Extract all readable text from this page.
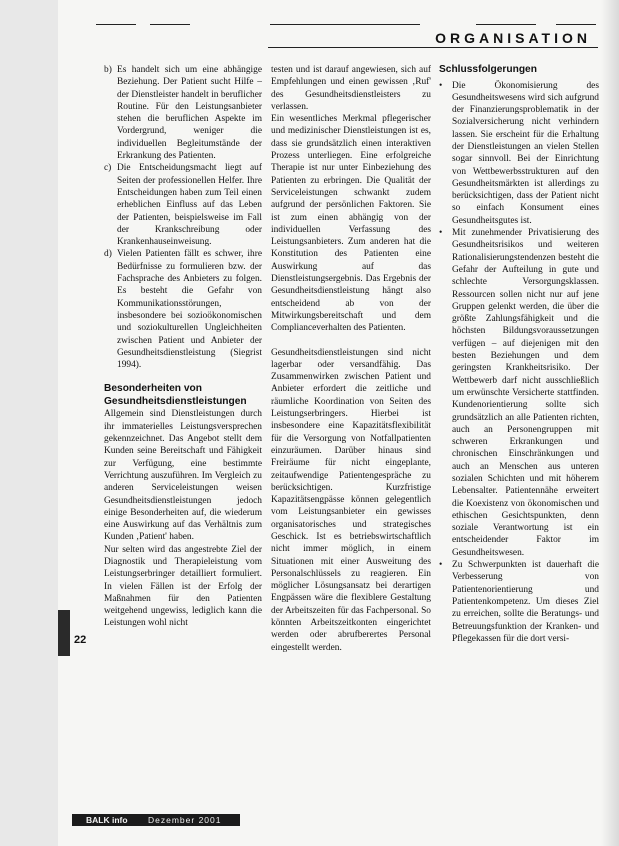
ORGANISATION
b) Es handelt sich um eine abhängige Beziehung. Der Patient sucht Hilfe – der Dienstleister handelt in beruflicher Routine. Für den Leistungsanbieter stehen die beruflichen Aspekte im Vordergrund, weniger die individuellen Begleitumstände der Erkrankung des Patienten.
c) Die Entscheidungsmacht liegt auf Seiten der professionellen Helfer. Ihre Entscheidungen haben zum Teil einen erheblichen Einfluss auf das Leben der Patienten, beispielsweise im Fall der Krankschreibung oder Krankenhauseinweisung.
d) Vielen Patienten fällt es schwer, ihre Bedürfnisse zu formulieren bzw. der Fachsprache des Anbieters zu folgen. Es besteht die Gefahr von Kommunikationsstörungen, insbesondere bei sozioökonomischen und soziokulturellen Ungleichheiten zwischen Patient und Anbieter der Gesundheitsdienstleistung (Siegrist 1994).
Besonderheiten von Gesundheitsdienstleistungen

Allgemein sind Dienstleistungen durch ihr immaterielles Leistungsversprechen gekennzeichnet. Das Angebot stellt dem Kunden seine Bereitschaft und Fähigkeit zur Verfügung, eine bestimmte Verrichtung auszuführen. Im Vergleich zu anderen Serviceleistungen weisen Gesundheitsdienstleistungen jedoch einige Besonderheiten auf, die wiederum eine Auswirkung auf das Verhältnis zum Kunden ‚Patient' haben.

Nur selten wird das angestrebte Ziel der Diagnostik und Therapieleistung vom Leistungserbringer detailliert formuliert. In vielen Fällen ist der Erfolg der Maßnahmen für den Patienten weitgehend ungewiss, lediglich kann die Leistungen wohl nicht

testen und ist darauf angewiesen, sich auf Empfehlungen und einen gewissen ‚Ruf' des Gesundheitsdienstleisters zu verlassen.

Ein wesentliches Merkmal pflegerischer und medizinischer Dienstleistungen ist es, dass sie grundsätzlich einen interaktiven Prozess unterliegen. Eine erfolgreiche Therapie ist nur unter Einbeziehung des Patienten zu erbringen. Die Qualität der Serviceleistungen schwankt zudem aufgrund der persönlichen Faktoren. Sie ist zum einen abhängig von der individuellen Verfassung des Leistungsanbieters. Zum anderen hat die Konstitution des Patienten eine Auswirkung auf das Dienstleistungsergebnis. Das Ergebnis der Gesundheitsdienstleistung hängt also entscheidend ab von der Mitwirkungsbereitschaft und dem Complianceverhalten des Patienten.

Gesundheitsdienstleistungen sind nicht lagerbar oder versandfähig. Das Zusammenwirken zwischen Patient und Anbieter erfordert die zeitliche und räumliche Koordination von Seiten des Leistungserbringers. Hierbei ist insbesondere eine Kapazitätsflexibilität für die Versorgung von Notfallpatienten einzuräumen. Darüber hinaus sind Freiräume für nicht eingeplante, zeitaufwendige Patientengespräche zu berücksichtigen. Kurzfristige Kapazitätsengpässe können gelegentlich vom Leistungsanbieter ein gewisses organisatorisches und strategisches Geschick. Ist es betriebswirtschaftlich nicht immer möglich, in einem Situationen mit einer Ausweitung des Personalschlüssels zu reagieren. Ein möglicher Lösungsansatz bei derartigen Engpässen wäre die flexiblere Gestaltung der Arbeitszeiten für das Fachpersonal. So könnten Arbeitszeitkonten eingerichtet werden oder abrufberertes Personal eingestellt werden.

Schlussfolgerungen
• Die Ökonomisierung des Gesundheitswesens wird sich aufgrund der Finanzierungsproblematik in der Sozialversicherung nicht verhindern lassen. Sie erscheint für die Erhaltung der Dienstleistungen an vielen Stellen sogar sinnvoll. Bei der Einrichtung von Wettbewerbsstrukturen auf den Gesundheitsmärkten ist allerdings zu berücksichtigen, dass der Patient nicht so einfach Konsument eines Gesundheitsgutes ist.
• Mit zunehmender Privatisierung des Gesundheitsrisikos und weiteren Rationalisierungstendenzen besteht die Gefahr der Aufteilung in gute und schlechte Versorgungsklassen. Ressourcen sollen nicht nur auf jene Gruppen gelenkt werden, die über die größte Zahlungsfähigkeit und die höchsten Bildungsvoraussetzungen verfügen – auf diejenigen mit den besten Beziehungen und dem geringsten Krankheitsrisiko. Der Wettbewerb darf nicht ausschließlich um erwünschte Versicherte stattfinden. Kundenorientierung sollte sich grundsätzlich an alle Patienten richten, auch an Personengruppen mit schweren Erkrankungen und chronischen Einschränkungen und auch an Menschen aus unteren sozialen Schichten und mit höherem Lebensalter. Patientennähe erweitert die Koexistenz von ökonomischen und ethischen Gesichtspunkten, denn soziale Verantwortung ist ein entscheidender Faktor im Gesundheitswesen.
• Zu Schwerpunkten ist dauerhaft die Verbesserung von Patientenorientierung und Patientenkompetenz. Um dieses Ziel zu erreichen, sollte die Beratungs- und Betreuungsfunktion der Kranken- und Pflegekassen für die dort versi-
22
BALK info	Dezember 2001
